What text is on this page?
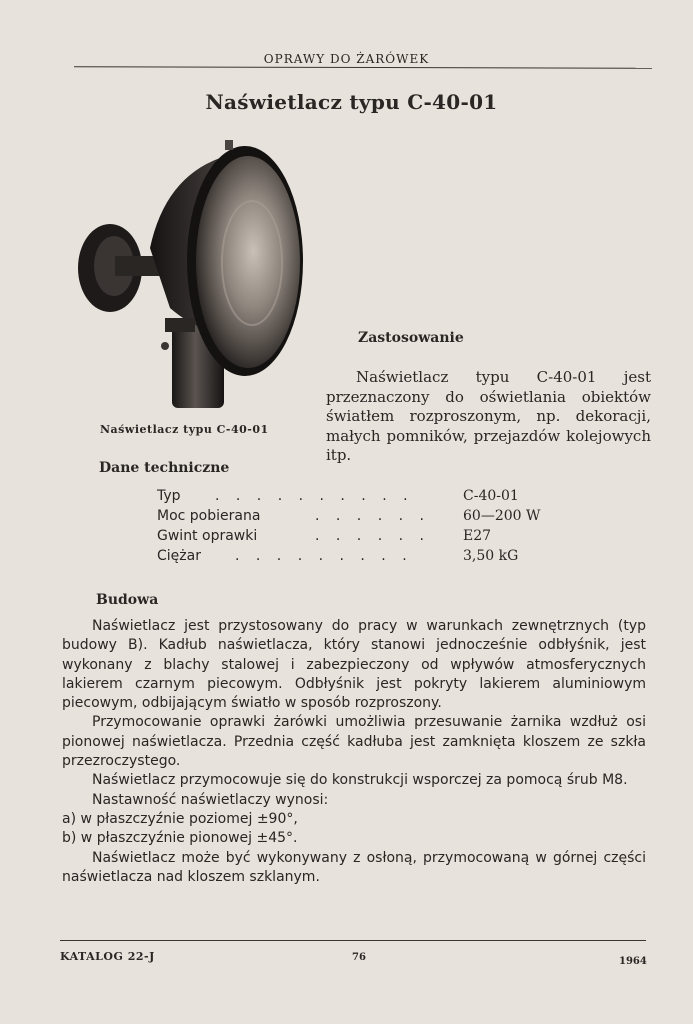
OPRAWY DO ŻARÓWEK
Naświetlacz typu C-40-01
Naświetlacz typu C-40-01
Zastosowanie
Naświetlacz typu C-40-01 jest przeznaczony do oświetlania obiektów światłem rozproszonym, np. dekoracji, małych pomników, przejazdów kolejowych itp.
Dane techniczne
Typ . . . . . . . . . .	C-40-01
Moc pobierana	. . . . . . 60—200 W
Gwint oprawki	. . . . . . E27
Ciężar . . . . . . . . .	3,50 kG
Budowa

Naświetlacz jest przystosowany do pracy w warunkach zewnętrznych (typ budowy B). Kadłub naświetlacza, który stanowi jednocześnie odbłyśnik, jest wykonany z blachy stalowej i zabezpieczony od wpływów atmosferycznych lakierem czarnym piecowym. Odbłyśnik jest pokryty lakierem aluminiowym piecowym, odbijającym światło w sposób rozproszony.

Przymocowanie oprawki żarówki umożliwia przesuwanie żarnika wzdłuż osi pionowej naświetlacza. Przednia część kadłuba jest zamknięta kloszem ze szkła przezroczystego.

Naświetlacz przymocowuje się do konstrukcji wsporczej za pomocą śrub M8.

Nastawność naświetlaczy wynosi:

a) w płaszczyźnie poziomej ±90°,

b) w płaszczyźnie pionowej ±45°.

Naświetlacz może być wykonywany z osłoną, przymocowaną w górnej części naświetlacza nad kloszem szklanym.

KATALOG 22-J	76	1964
